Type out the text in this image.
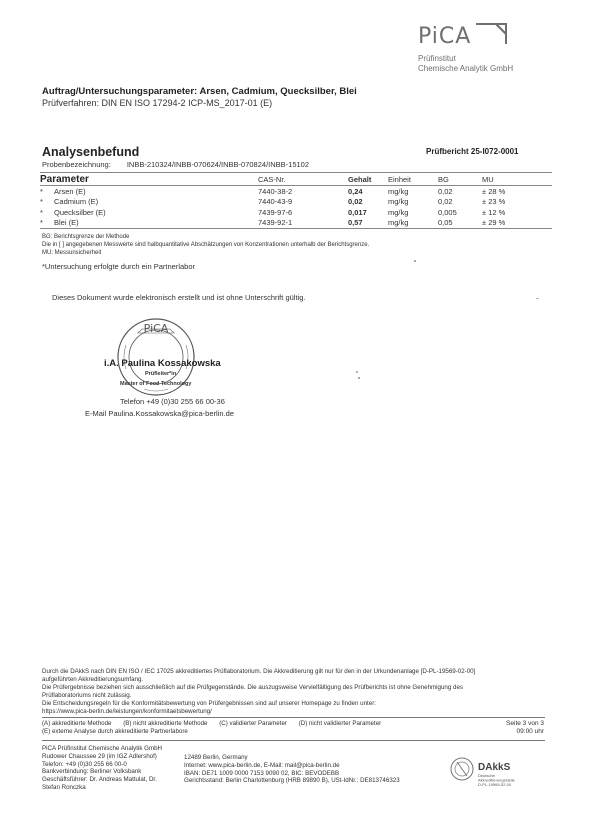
PiCA
Prüfinstitut
Chemische Analytik GmbH
Auftrag/Untersuchungsparameter: Arsen, Cadmium, Quecksilber, Blei
Prüfverfahren: DIN EN ISO 17294-2 ICP-MS_2017-01 (E)
Analysenbefund	Prüfbericht 25-I072-0001
Probenbezeichnung: INBB-210324/INBB-070624/INBB-070824/INBB-15102
Parameter		CAS-Nr.	Gehalt	Einheit	BG	MU
*	Arsen (E)	7440-38-2	0,24	mg/kg	0,02	± 28 %
*	Cadmium (E)	7440-43-9	0,02	mg/kg	0,02	± 23 %
*	Quecksilber (E)	7439-97-6	0,017	mg/kg	0,005	± 12 %
*	Blei (E)	7439-92-1	0,57	mg/kg	0,05	± 29 %
BG: Berichtsgrenze der Methode
Die in [ ] angegebenen Messwerte sind halbquantitative Abschätzungen von Konzentrationen unterhalb der Berichtsgrenze.
MU: Messunsicherheit
*Untersuchung erfolgte durch ein Partnerlabor
Dieses Dokument wurde elektronisch erstellt und ist ohne Unterschrift gültig.
PiCA
i.A. Paulina Kossakowska
Prüfleiter*in
Master of Food Technology
Telefon +49 (0)30 255 66 00-36
E-Mail Paulina.Kossakowska@pica-berlin.de
Durch die DAkkS nach DIN EN ISO / IEC 17025 akkreditiertes Prüflaboratorium. Die Akkreditierung gilt nur für den in der Urkundenanlage [D-PL-19569-02-00]
aufgeführten Akkreditierungsumfang.
Die Prüfergebnisse beziehen sich ausschließlich auf die Prüfgegenstände. Die auszugsweise Vervielfältigung des Prüfberichts ist ohne Genehmigung des
Prüflaboratoriums nicht zulässig.
Die Entscheidungsregeln für die Konformitätsbewertung von Prüfergebnissen sind auf unserer Homepage zu finden unter:
https://www.pica-berlin.de/leistungen/konformitaetsbewertung/
(A) akkreditierte Methode (B) nicht akkreditierte Methode (C) validierter Parameter (D) nicht validierter Parameter
(E) externe Analyse durch akkreditierte Partnerlabore
Seite 3 von 3
09:00 uhr
PiCA Prüfinstitut Chemische Analytik GmbH
Rudower Chaussee 29 (im IGZ Adlershof)
Telefon: +49 (0)30 255 66 00-0
Bankverbindung: Berliner Volksbank
Geschäftsführer: Dr. Andreas Mattulat, Dr.
Stefan Ronczka
12489 Berlin, Germany
Internet: www.pica-berlin.de, E-Mail: mail@pica-berlin.de
IBAN: DE71 1009 0000 7153 9090 02, BIC: BEVODEBB
Gerichtsstand: Berlin Charlottenburg (HRB 89890 B), USt-IdNr.: DE813746323
DAkkS
Deutsche
Akkreditierungsstelle
D-PL-19569-02-00
